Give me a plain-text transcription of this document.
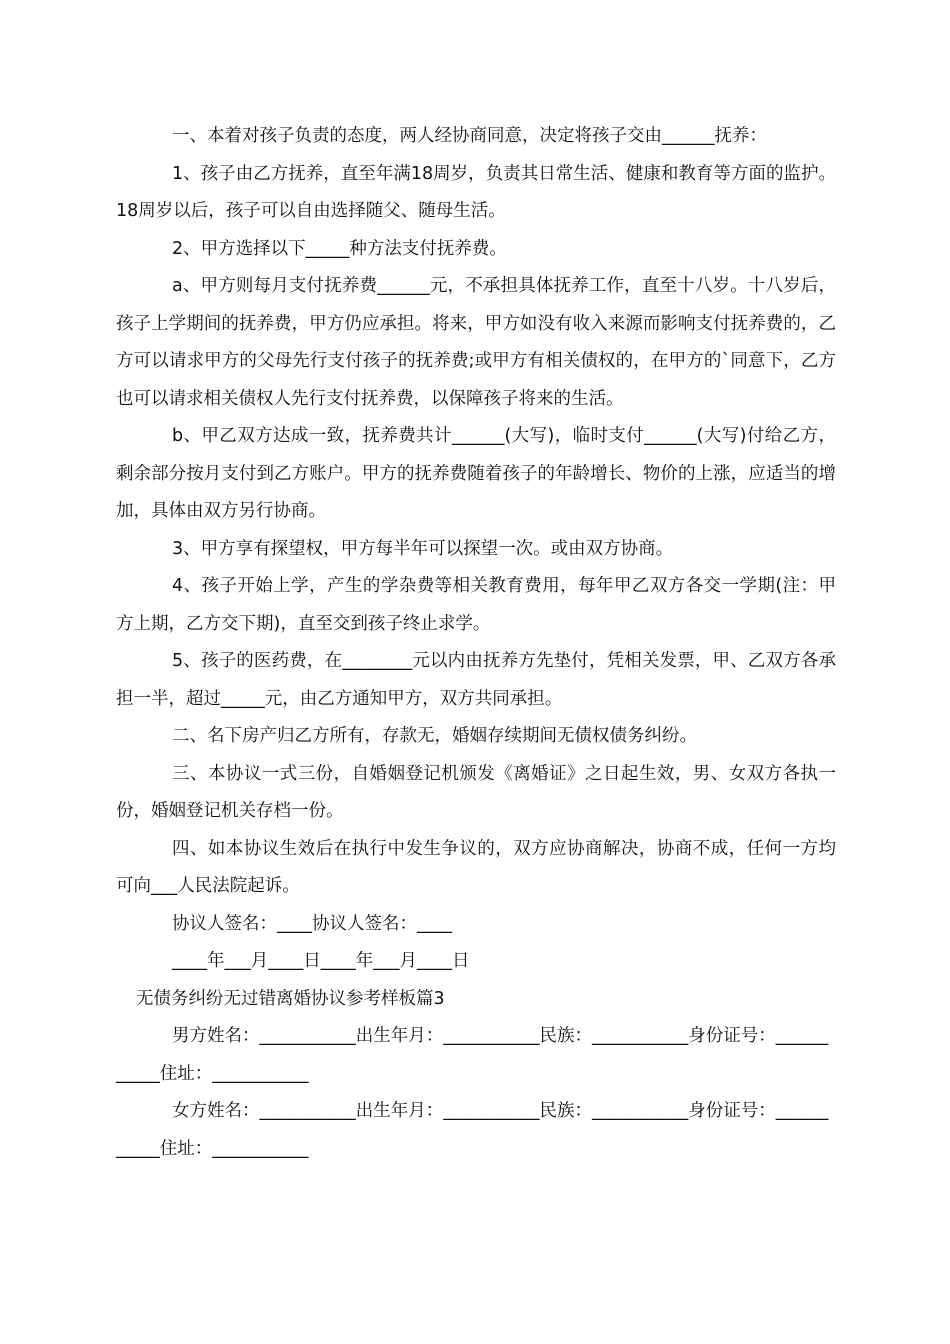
一、本着对孩子负责的态度，两人经协商同意，决定将孩子交由______抚养：

1、孩子由乙方抚养，直至年满18周岁，负责其日常生活、健康和教育等方面的监护。18周岁以后，孩子可以自由选择随父、随母生活。

2、甲方选择以下_____种方法支付抚养费。

a、甲方则每月支付抚养费______元，不承担具体抚养工作，直至十八岁。十八岁后，孩子上学期间的抚养费，甲方仍应承担。将来，甲方如没有收入来源而影响支付抚养费的，乙方可以请求甲方的父母先行支付孩子的抚养费;或甲方有相关债权的，在甲方的`同意下，乙方也可以请求相关债权人先行支付抚养费，以保障孩子将来的生活。

b、甲乙双方达成一致，抚养费共计______(大写)，临时支付______(大写)付给乙方，剩余部分按月支付到乙方账户。甲方的抚养费随着孩子的年龄增长、物价的上涨，应适当的增加，具体由双方另行协商。

3、甲方享有探望权，甲方每半年可以探望一次。或由双方协商。

4、孩子开始上学，产生的学杂费等相关教育费用，每年甲乙双方各交一学期(注：甲方上期，乙方交下期)，直至交到孩子终止求学。

5、孩子的医药费，在________元以内由抚养方先垫付，凭相关发票，甲、乙双方各承担一半，超过_____元，由乙方通知甲方，双方共同承担。

二、名下房产归乙方所有，存款无，婚姻存续期间无债权债务纠纷。

三、本协议一式三份，自婚姻登记机颁发《离婚证》之日起生效，男、女双方各执一份，婚姻登记机关存档一份。

四、如本协议生效后在执行中发生争议的，双方应协商解决，协商不成，任何一方均可向___人民法院起诉。

协议人签名：____协议人签名：____

____年___月____日____年___月____日

无债务纠纷无过错离婚协议参考样板篇3

男方姓名：___________出生年月：___________民族：___________身份证号：___________住址：___________

女方姓名：___________出生年月：___________民族：___________身份证号：___________住址：___________
